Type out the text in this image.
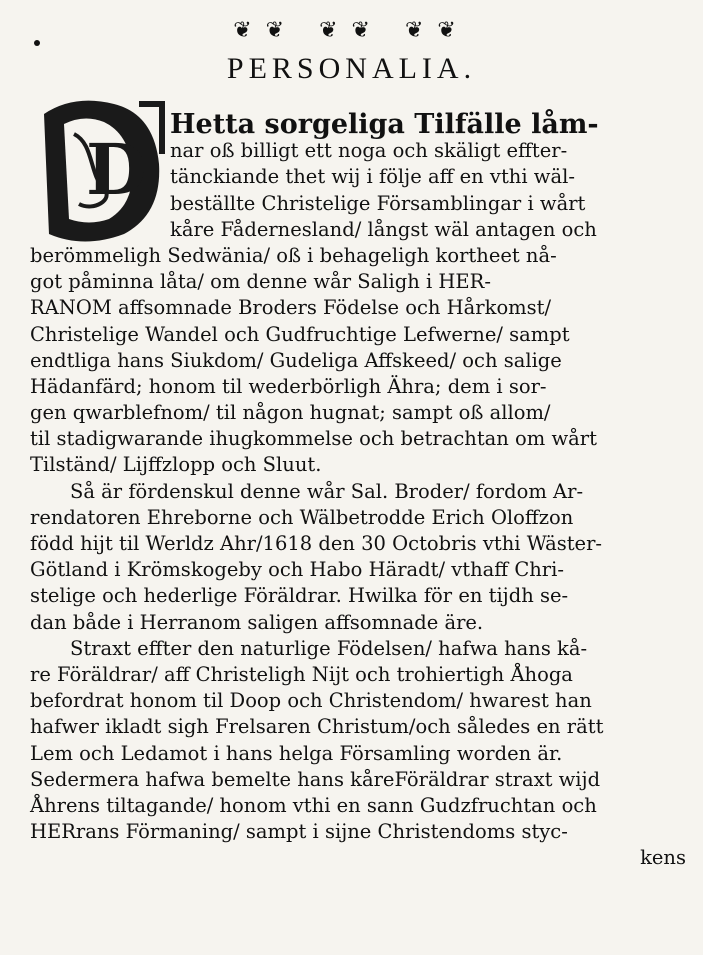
❦❦ ❦❦ ❦❦
PERSONALIA.
D
Hetta sorgeliga Tilfälle låm-
nar oß billigt ett noga och skäligt effter-
tänckiande thet wij i följe aff en vthi wäl-
beställte Christelige Församblingar i wårt
kåre Fådernesland/ långst wäl antagen och
berömmeligh Sedwänia/ oß i behageligh kortheet nå-
got påminna låta/ om denne wår Saligh i HER-
RANOM affsomnade Broders Födelse och Hårkomst/
Christelige Wandel och Gudfruchtige Lefwerne/ sampt
endtliga hans Siukdom/ Gudeliga Affskeed/ och salige
Hädanfärd; honom til wederbörligh Ähra; dem i sor-
gen qwarblefnom/ til någon hugnat; sampt oß allom/
til stadigwarande ihugkommelse och betrachtan om wårt
Tilständ/ Lijffzlopp och Sluut.
Så är fördenskul denne wår Sal. Broder/ fordom Ar-
rendatoren Ehreborne och Wälbetrodde Erich Oloffzon
född hijt til Werldz Ahr/1618 den 30 Octobris vthi Wäster-
Götland i Krömskogeby och Habo Häradt/ vthaff Chri-
stelige och hederlige Föräldrar. Hwilka för en tijdh se-
dan både i Herranom saligen affsomnade äre.
Straxt effter den naturlige Födelsen/ hafwa hans kå-
re Föräldrar/ aff Christeligh Nijt och trohiertigh Åhoga
befordrat honom til Doop och Christendom/ hwarest han
hafwer ikladt sigh Frelsaren Christum/och således en rätt
Lem och Ledamot i hans helga Församling worden är.
Sedermera hafwa bemelte hans kåreFöräldrar straxt wijd
Åhrens tiltagande/ honom vthi en sann Gudzfruchtan och
HERrans Förmaning/ sampt i sijne Christendoms styc-
kens
